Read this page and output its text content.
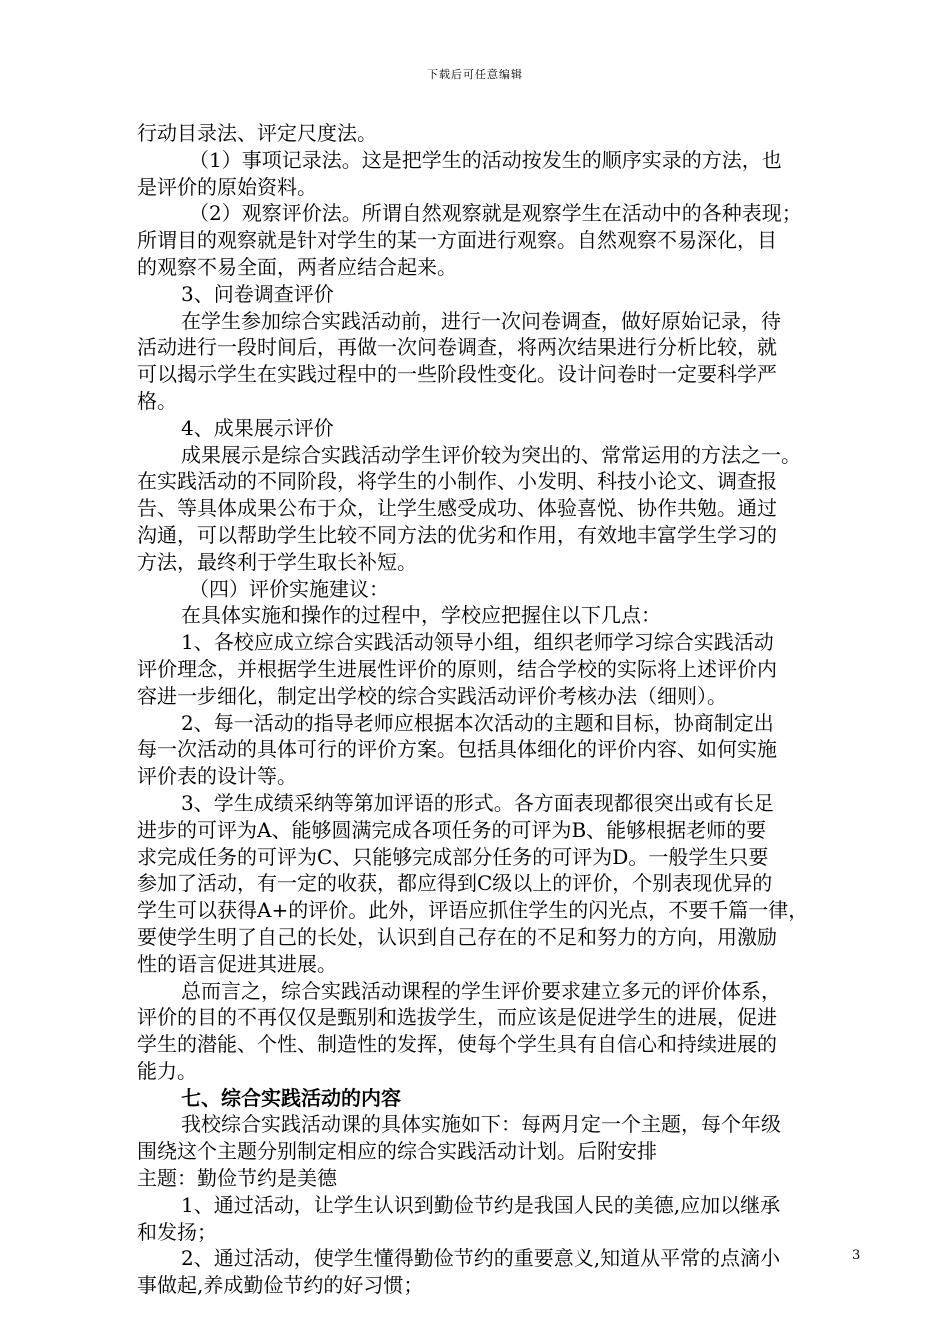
下载后可任意编辑
行动目录法、评定尺度法。
（1）事项记录法。这是把学生的活动按发生的顺序实录的方法，也
是评价的原始资料。
（2）观察评价法。所谓自然观察就是观察学生在活动中的各种表现；
所谓目的观察就是针对学生的某一方面进行观察。自然观察不易深化，目
的观察不易全面，两者应结合起来。
3、问卷调查评价
在学生参加综合实践活动前，进行一次问卷调查，做好原始记录，待
活动进行一段时间后，再做一次问卷调查，将两次结果进行分析比较，就
可以揭示学生在实践过程中的一些阶段性变化。设计问卷时一定要科学严
格。
4、成果展示评价
成果展示是综合实践活动学生评价较为突出的、常常运用的方法之一。
在实践活动的不同阶段，将学生的小制作、小发明、科技小论文、调查报
告、等具体成果公布于众，让学生感受成功、体验喜悦、协作共勉。通过
沟通，可以帮助学生比较不同方法的优劣和作用，有效地丰富学生学习的
方法，最终利于学生取长补短。
（四）评价实施建议：
在具体实施和操作的过程中，学校应把握住以下几点：
1、各校应成立综合实践活动领导小组，组织老师学习综合实践活动
评价理念，并根据学生进展性评价的原则，结合学校的实际将上述评价内
容进一步细化，制定出学校的综合实践活动评价考核办法（细则）。
2、每一活动的指导老师应根据本次活动的主题和目标，协商制定出
每一次活动的具体可行的评价方案。包括具体细化的评价内容、如何实施
评价表的设计等。
3、学生成绩采纳等第加评语的形式。各方面表现都很突出或有长足
进步的可评为A、能够圆满完成各项任务的可评为B、能够根据老师的要
求完成任务的可评为C、只能够完成部分任务的可评为D。一般学生只要
参加了活动，有一定的收获，都应得到C级以上的评价，个别表现优异的
学生可以获得A+的评价。此外，评语应抓住学生的闪光点，不要千篇一律，
要使学生明了自己的长处，认识到自己存在的不足和努力的方向，用激励
性的语言促进其进展。
总而言之，综合实践活动课程的学生评价要求建立多元的评价体系，
评价的目的不再仅仅是甄别和选拔学生，而应该是促进学生的进展，促进
学生的潜能、个性、制造性的发挥，使每个学生具有自信心和持续进展的
能力。
七、综合实践活动的内容
我校综合实践活动课的具体实施如下：每两月定一个主题，每个年级
围绕这个主题分别制定相应的综合实践活动计划。后附安排
主题：勤俭节约是美德
1、通过活动，让学生认识到勤俭节约是我国人民的美德,应加以继承
和发扬；
2、通过活动，使学生懂得勤俭节约的重要意义,知道从平常的点滴小
事做起,养成勤俭节约的好习惯；
3
